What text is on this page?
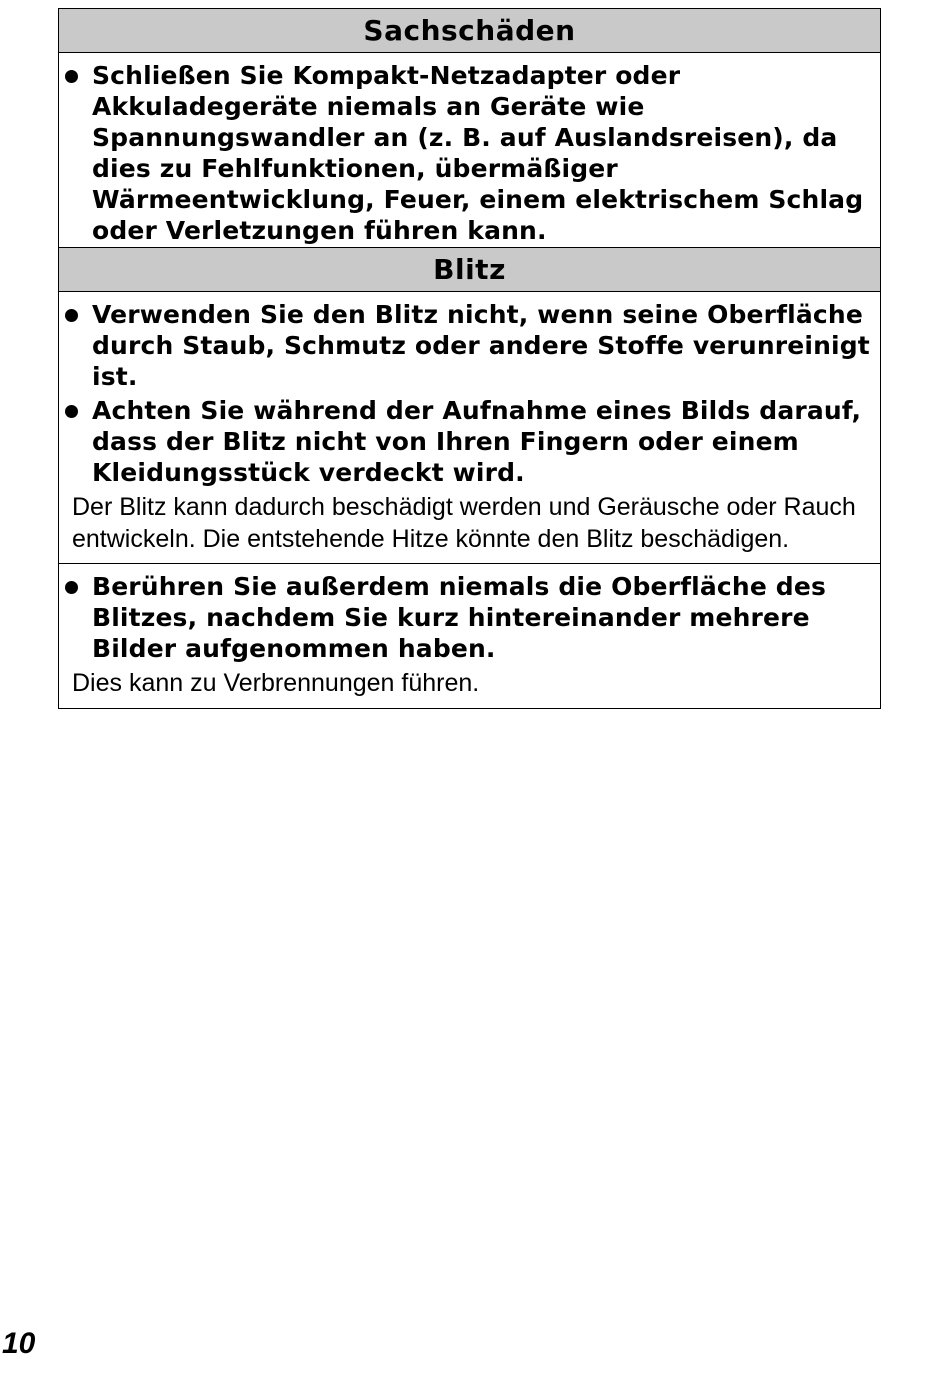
Sachschäden
Schließen Sie Kompakt-Netzadapter oder Akkuladegeräte niemals an Geräte wie Spannungswandler an (z. B. auf Auslandsreisen), da dies zu Fehlfunktionen, übermäßiger Wärmeentwicklung, Feuer, einem elektrischem Schlag oder Verletzungen führen kann.
Blitz
Verwenden Sie den Blitz nicht, wenn seine Oberfläche durch Staub, Schmutz oder andere Stoffe verunreinigt ist.
Achten Sie während der Aufnahme eines Bilds darauf, dass der Blitz nicht von Ihren Fingern oder einem Kleidungsstück verdeckt wird.
Der Blitz kann dadurch beschädigt werden und Geräusche oder Rauch entwickeln. Die entstehende Hitze könnte den Blitz beschädigen.
Berühren Sie außerdem niemals die Oberfläche des Blitzes, nachdem Sie kurz hintereinander mehrere Bilder aufgenommen haben.
Dies kann zu Verbrennungen führen.
10
